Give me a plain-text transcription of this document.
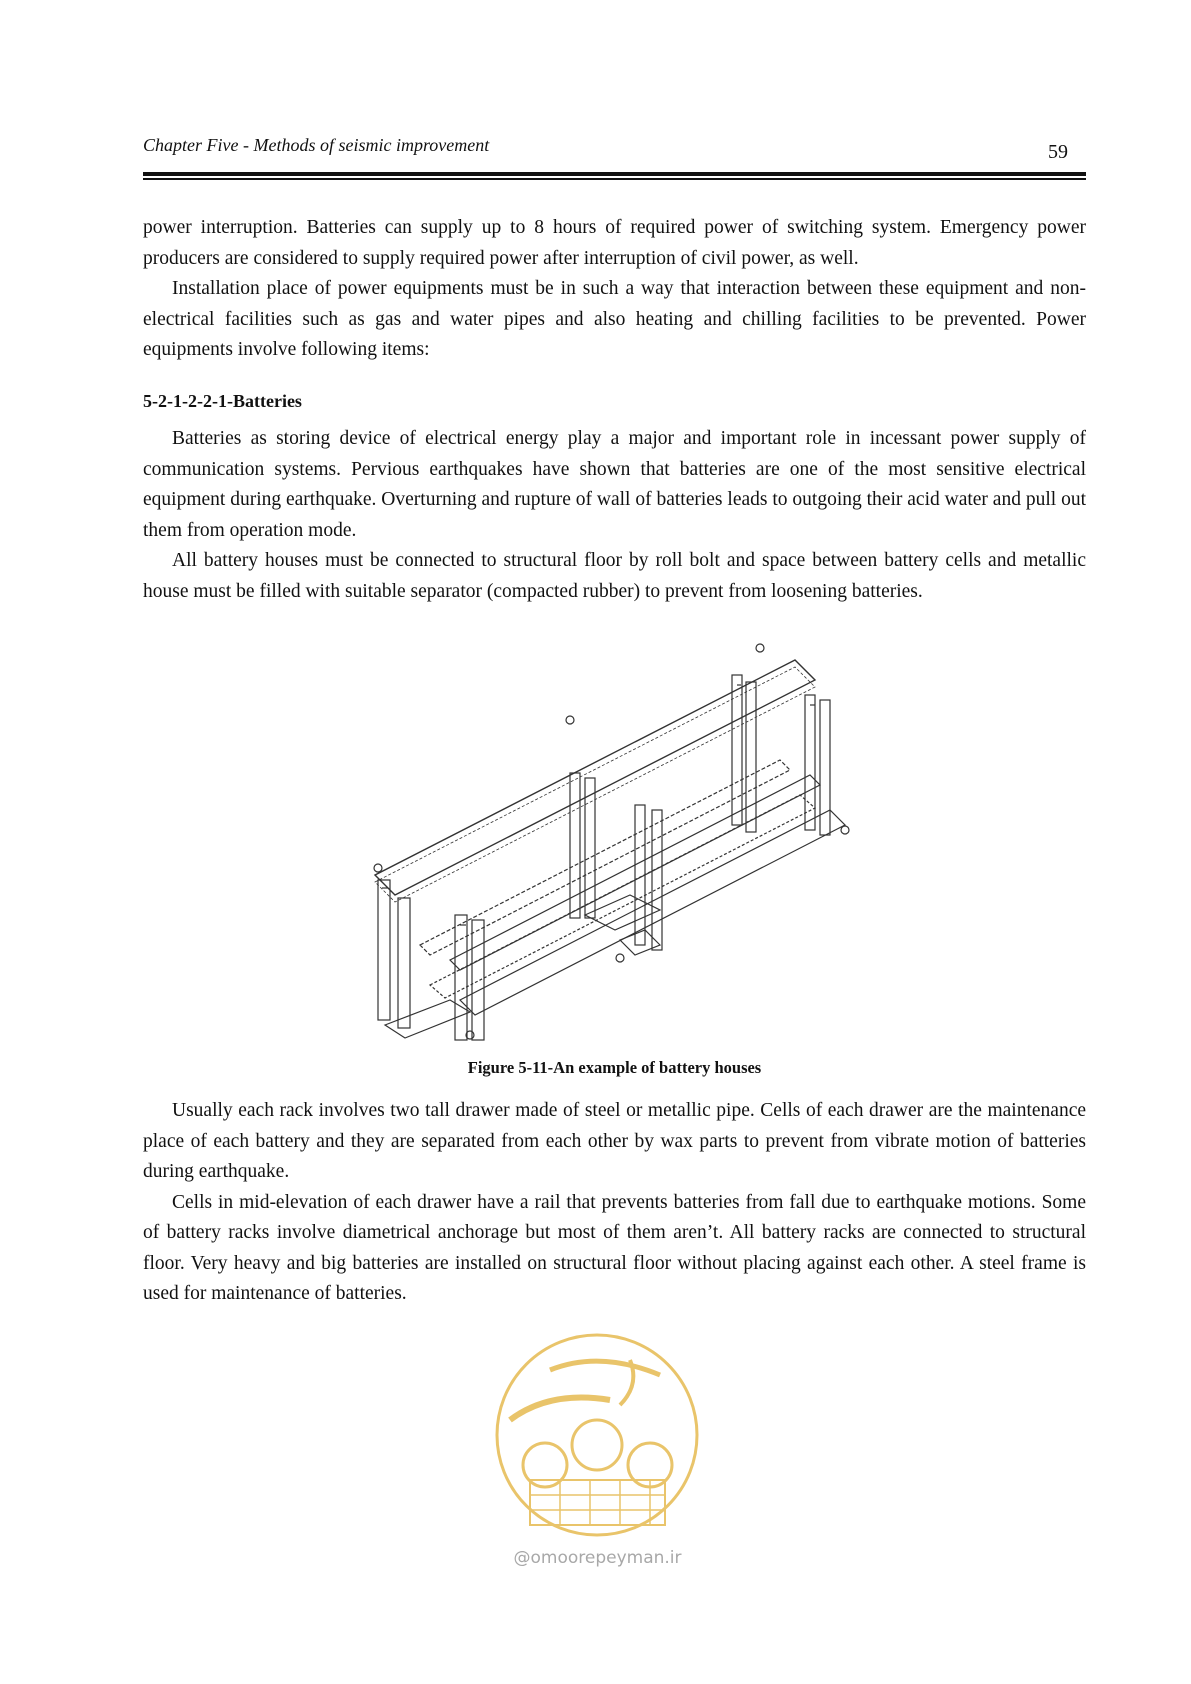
Chapter Five - Methods of seismic improvement	59

power interruption. Batteries can supply up to 8 hours of required power of switching system. Emergency power producers are considered to supply required power after interruption of civil power, as well.

Installation place of power equipments must be in such a way that interaction between these equipment and non-electrical facilities such as gas and water pipes and also heating and chilling facilities to be prevented. Power equipments involve following items:

5-2-1-2-2-1-Batteries

Batteries as storing device of electrical energy play a major and important role in incessant power supply of communication systems. Pervious earthquakes have shown that batteries are one of the most sensitive electrical equipment during earthquake. Overturning and rupture of wall of batteries leads to outgoing their acid water and pull out them from operation mode.

All battery houses must be connected to structural floor by roll bolt and space between battery cells and metallic house must be filled with suitable separator (compacted rubber) to prevent from loosening batteries.

Figure 5-11-An example of battery houses

Usually each rack involves two tall drawer made of steel or metallic pipe. Cells of each drawer are the maintenance place of each battery and they are separated from each other by wax parts to prevent from vibrate motion of batteries during earthquake.

Cells in mid-elevation of each drawer have a rail that prevents batteries from fall due to earthquake motions. Some of battery racks involve diametrical anchorage but most of them aren’t. All battery racks are connected to structural floor. Very heavy and big batteries are installed on structural floor without placing against each other. A steel frame is used for maintenance of batteries.

@omoorepeyman.ir
